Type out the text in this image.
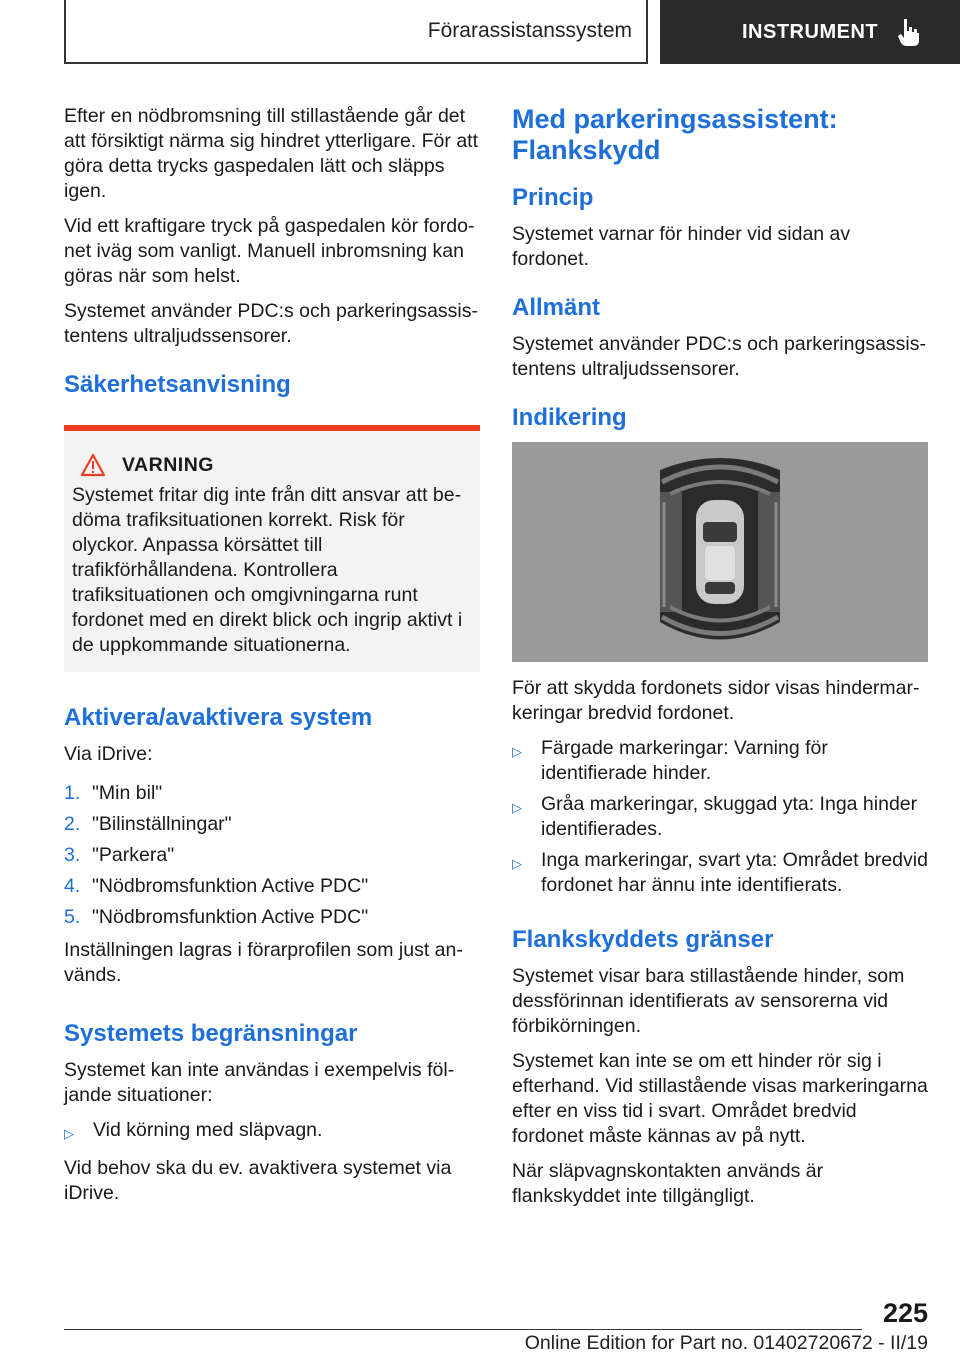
Förarassistanssystem	INSTRUMENT

Efter en nödbromsning till stillastående går det att försiktigt närma sig hindret ytterligare. För att göra detta trycks gaspedalen lätt och släpps igen.

Vid ett kraftigare tryck på gaspedalen kör fordonet iväg som vanligt. Manuell inbromsning kan göras när som helst.

Systemet använder PDC:s och parkeringsassistentens ultraljudssensorer.

Säkerhetsanvisning
VARNING

Systemet fritar dig inte från ditt ansvar att bedöma trafiksituationen korrekt. Risk för olyckor. Anpassa körsättet till trafikförhållandena. Kontrollera trafiksituationen och omgivningarna runt fordonet med en direkt blick och ingrip aktivt i de uppkommande situationerna.

Aktivera/avaktivera system

Via iDrive:

1. "Min bil"
2. "Bilinställningar"
3. "Parkera"
4. "Nödbromsfunktion Active PDC"
5. "Nödbromsfunktion Active PDC"

Inställningen lagras i förarprofilen som just används.

Systemets begränsningar

Systemet kan inte användas i exempelvis följande situationer:

▷ Vid körning med släpvagn.

Vid behov ska du ev. avaktivera systemet via iDrive.

Med parkeringsassistent: Flankskydd
Princip

Systemet varnar för hinder vid sidan av fordonet.

Allmänt

Systemet använder PDC:s och parkeringsassistentens ultraljudssensorer.

Indikering

För att skydda fordonets sidor visas hindermarkeringar bredvid fordonet.

▷ Färgade markeringar: Varning för identifierade hinder.
▷ Gråa markeringar, skuggad yta: Inga hinder identifierades.
▷ Inga markeringar, svart yta: Området bredvid fordonet har ännu inte identifierats.
Flankskyddets gränser

Systemet visar bara stillastående hinder, som dessförinnan identifierats av sensorerna vid förbikörningen.

Systemet kan inte se om ett hinder rör sig i efterhand. Vid stillastående visas markeringarna efter en viss tid i svart. Området bredvid fordonet måste kännas av på nytt.

När släpvagnskontakten används är flankskyddet inte tillgängligt.

225
Online Edition for Part no. 01402720672 - II/19
